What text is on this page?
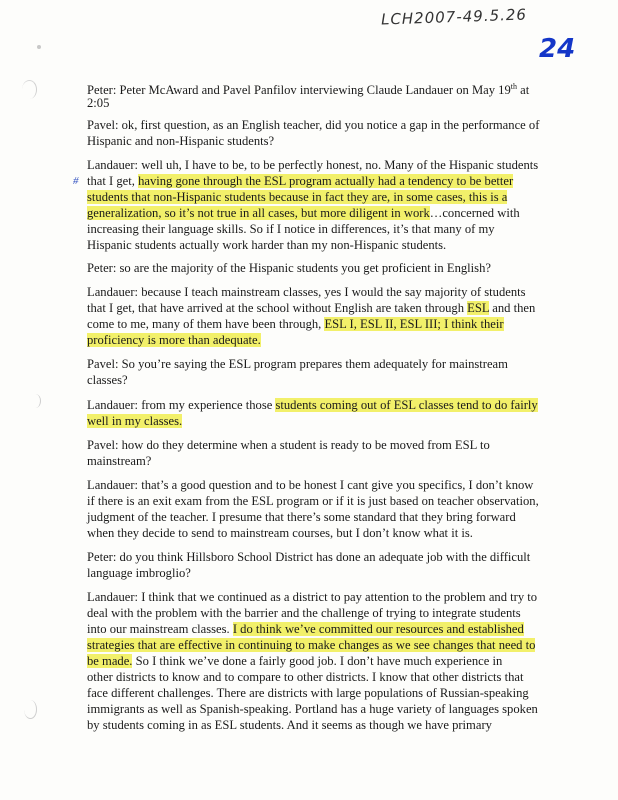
LCH2007-49.5.26
24
#
Peter: Peter McAward and Pavel Panfilov interviewing Claude Landauer on May 19th at
2:05
Pavel: ok, first question, as an English teacher, did you notice a gap in the performance of
Hispanic and non-Hispanic students?
Landauer: well uh, I have to be, to be perfectly honest, no. Many of the Hispanic students
that I get, having gone through the ESL program actually had a tendency to be better
students that non-Hispanic students because in fact they are, in some cases, this is a
generalization, so it’s not true in all cases, but more diligent in work…concerned with
increasing their language skills. So if I notice in differences, it’s that many of my
Hispanic students actually work harder than my non-Hispanic students.
Peter: so are the majority of the Hispanic students you get proficient in English?
Landauer: because I teach mainstream classes, yes I would the say majority of students
that I get, that have arrived at the school without English are taken through ESL and then
come to me, many of them have been through, ESL I, ESL II, ESL III; I think their
proficiency is more than adequate.
Pavel: So you’re saying the ESL program prepares them adequately for mainstream
classes?
Landauer: from my experience those students coming out of ESL classes tend to do fairly
well in my classes.
Pavel: how do they determine when a student is ready to be moved from ESL to
mainstream?
Landauer: that’s a good question and to be honest I cant give you specifics, I don’t know
if there is an exit exam from the ESL program or if it is just based on teacher observation,
judgment of the teacher. I presume that there’s some standard that they bring forward
when they decide to send to mainstream courses, but I don’t know what it is.
Peter: do you think Hillsboro School District has done an adequate job with the difficult
language imbroglio?
Landauer: I think that we continued as a district to pay attention to the problem and try to
deal with the problem with the barrier and the challenge of trying to integrate students
into our mainstream classes. I do think we’ve committed our resources and established
strategies that are effective in continuing to make changes as we see changes that need to
be made. So I think we’ve done a fairly good job. I don’t have much experience in
other districts to know and to compare to other districts. I know that other districts that
face different challenges. There are districts with large populations of Russian-speaking
immigrants as well as Spanish-speaking. Portland has a huge variety of languages spoken
by students coming in as ESL students. And it seems as though we have primary
